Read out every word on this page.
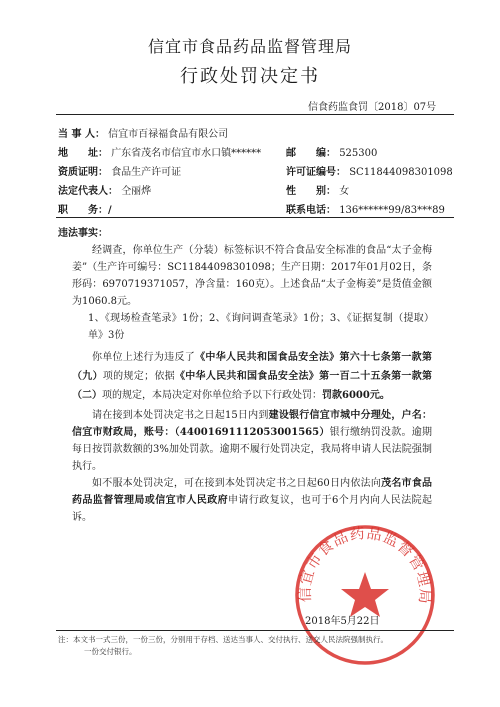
信宜市食品药品监督管理局
行政处罚决定书
信食药监食罚〔2018〕07号
当 事 人： 信宜市百禄福食品有限公司
地　　址： 广东省茂名市信宜市水口镇****** 邮　　编： 525300
资质证明： 食品生产许可证	许可证编号： SC11844098301098
法定代表人： 仝丽烨	性　　别： 女
职　　务：/	联系电话： 136******99/83***89
违法事实：

经调查，你单位生产（分装）标签标识不符合食品安全标准的食品“太子金梅姜”（生产许可编号：SC11844098301098；生产日期：2017年01月02日，条形码：6970719371057，净含量：160克）。上述食品“太子金梅姜”是货值金额为1060.8元。

1、《现场检查笔录》1份；2、《询问调查笔录》1份；3、《证据复制（提取）单》3份

你单位上述行为违反了《中华人民共和国食品安全法》第六十七条第一款第（九）项的规定；依据《中华人民共和国食品安全法》第一百二十五条第一款第（二）项的规定，本局决定对你单位给予以下行政处罚：罚款6000元。

请在接到本处罚决定书之日起15日内到建设银行信宜市城中分理处，户名：信宜市财政局，账号：（44001691112053001565）银行缴纳罚没款。逾期每日按罚款数额的3%加处罚款。逾期不履行处罚决定，我局将申请人民法院强制执行。

如不服本处罚决定，可在接到本处罚决定书之日起60日内依法向茂名市食品药品监督管理局或信宜市人民政府申请行政复议，也可于6个月内向人民法院起诉。

信宜市食品药品监督管理局
2018年5月22日
注：本文书一式三份，一份三份，分别用于存档、送达当事人、交付执行、送交人民法院强制执行。
一份交付银行。
